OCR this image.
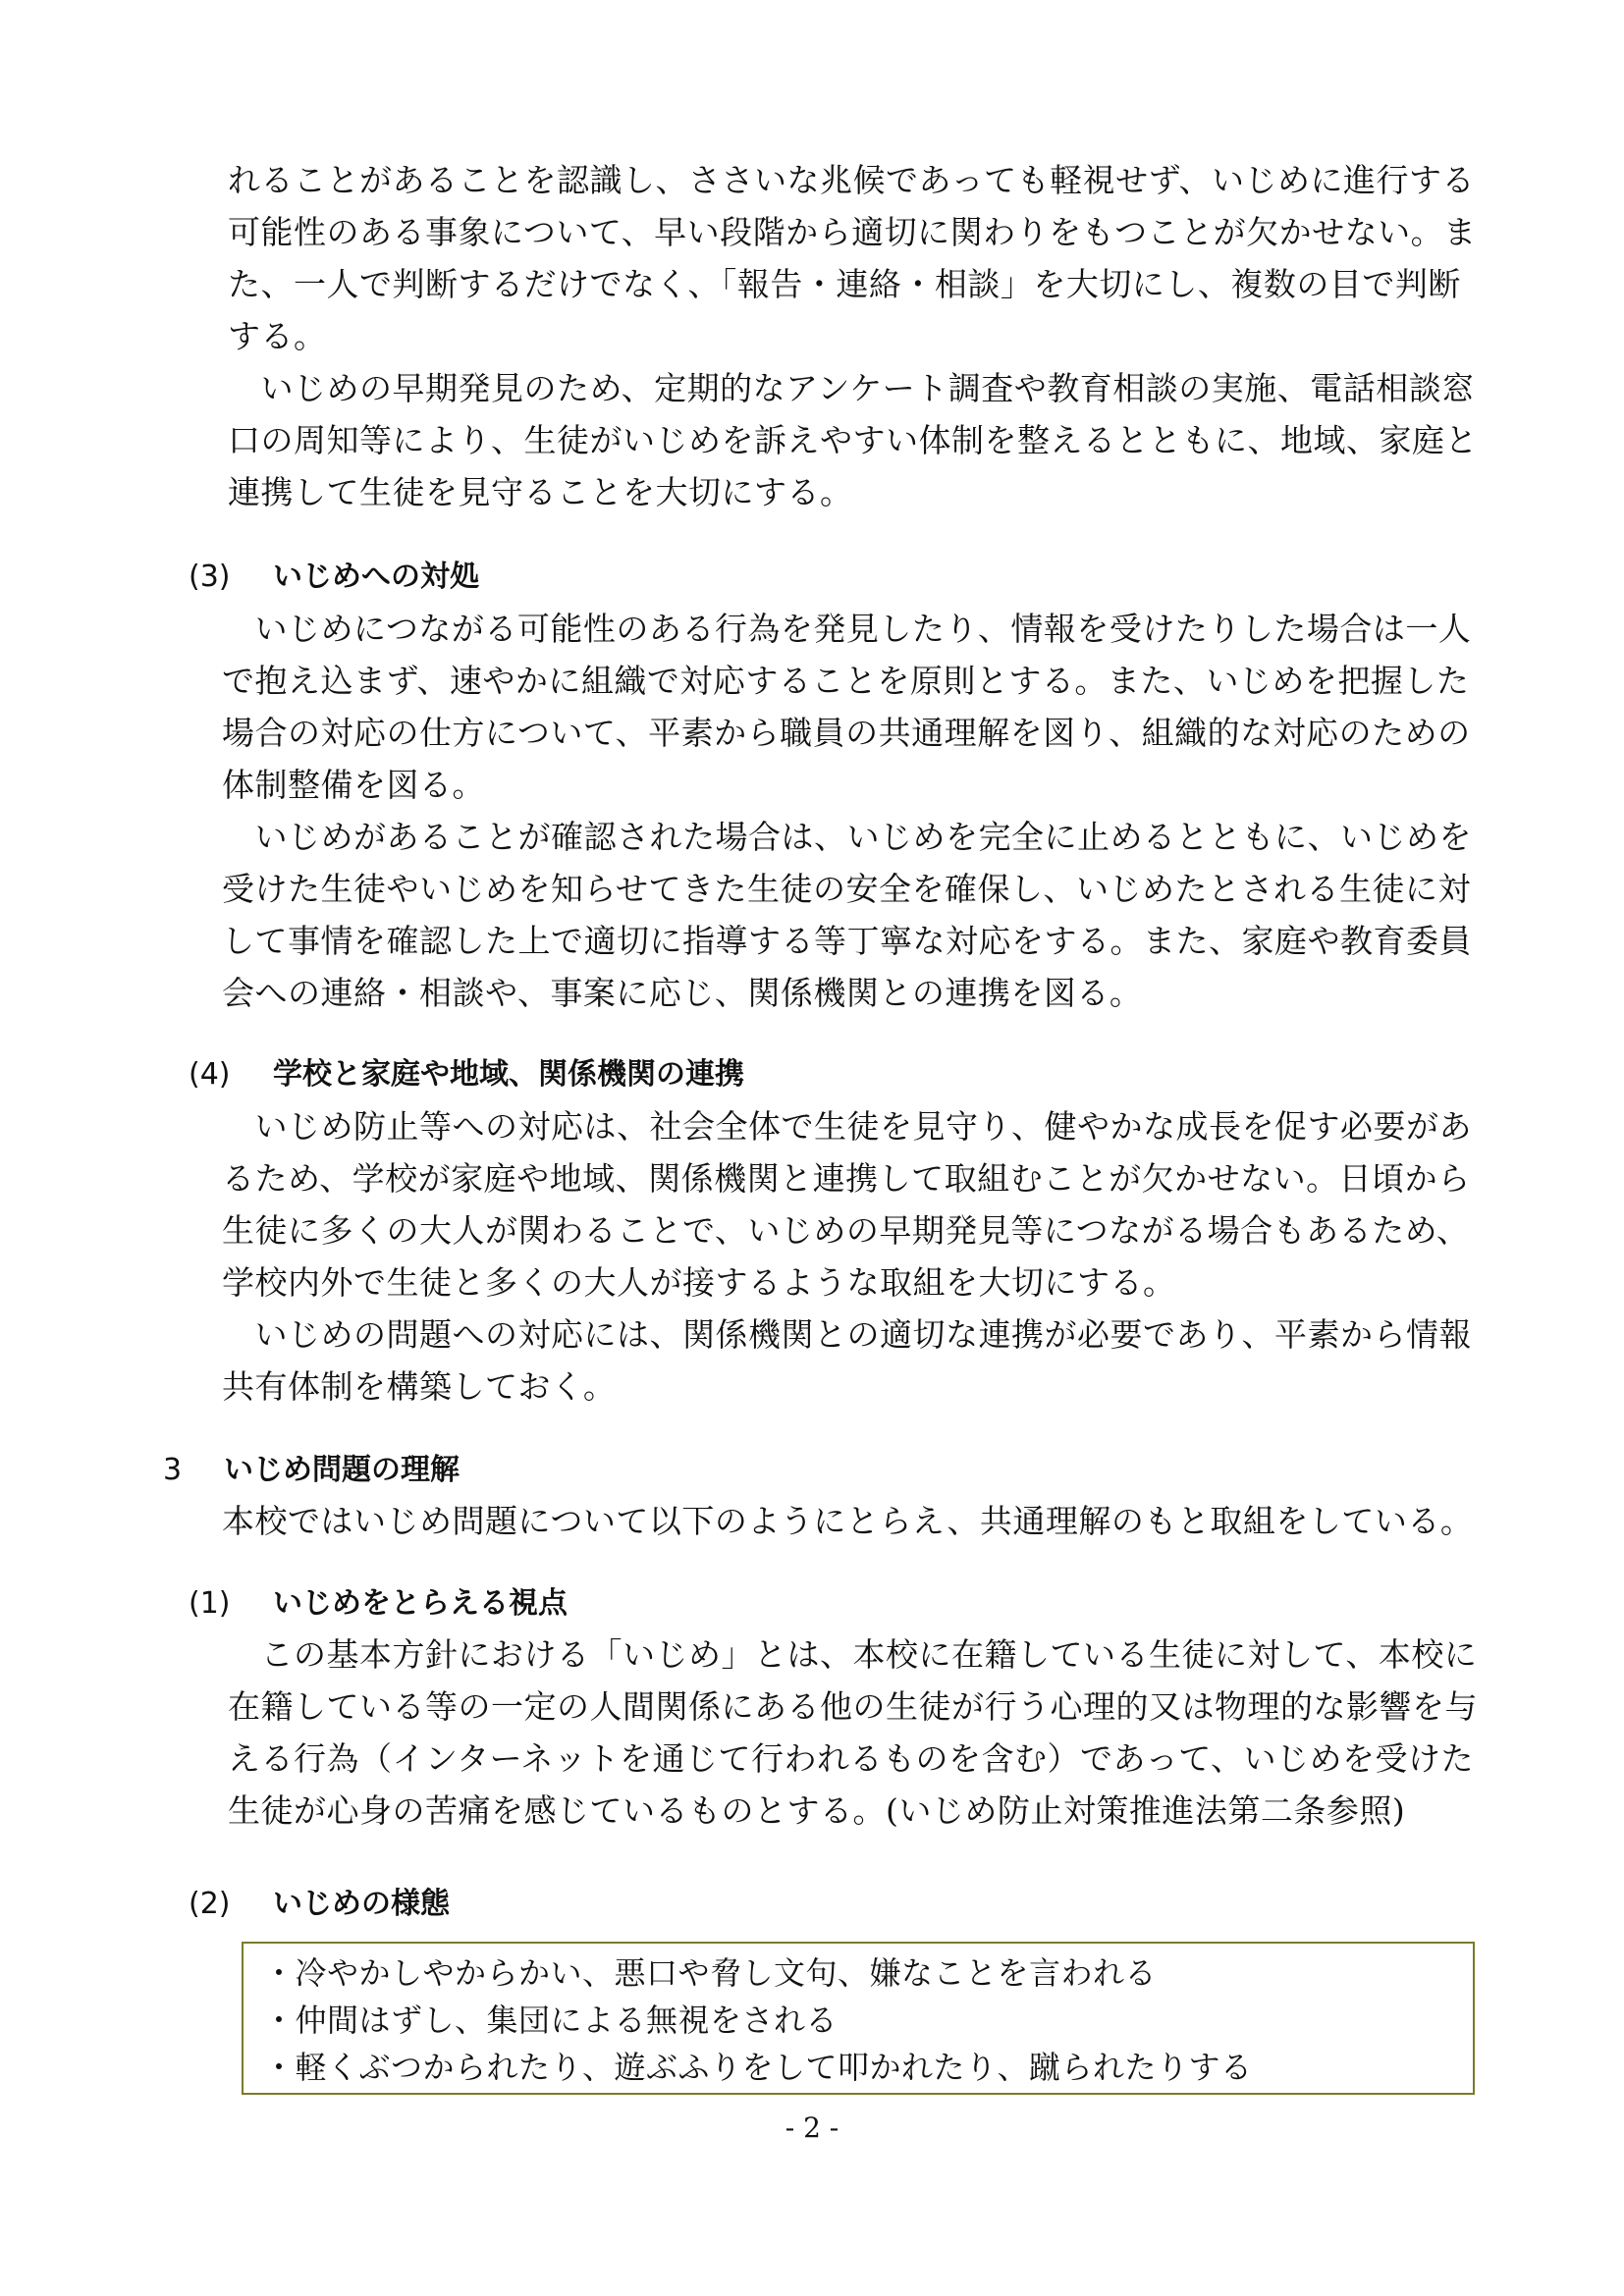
れることがあることを認識し、ささいな兆候であっても軽視せず、いじめに進行する
可能性のある事象について、早い段階から適切に関わりをもつことが欠かせない。ま
た、一人で判断するだけでなく、「報告・連絡・相談」を大切にし、複数の目で判断
する。
　いじめの早期発見のため、定期的なアンケート調査や教育相談の実施、電話相談窓
口の周知等により、生徒がいじめを訴えやすい体制を整えるとともに、地域、家庭と
連携して生徒を見守ることを大切にする。
(3) いじめへの対処
　いじめにつながる可能性のある行為を発見したり、情報を受けたりした場合は一人
で抱え込まず、速やかに組織で対応することを原則とする。また、いじめを把握した
場合の対応の仕方について、平素から職員の共通理解を図り、組織的な対応のための
体制整備を図る。
　いじめがあることが確認された場合は、いじめを完全に止めるとともに、いじめを
受けた生徒やいじめを知らせてきた生徒の安全を確保し、いじめたとされる生徒に対
して事情を確認した上で適切に指導する等丁寧な対応をする。また、家庭や教育委員
会への連絡・相談や、事案に応じ、関係機関との連携を図る。
(4) 学校と家庭や地域、関係機関の連携
　いじめ防止等への対応は、社会全体で生徒を見守り、健やかな成長を促す必要があ
るため、学校が家庭や地域、関係機関と連携して取組むことが欠かせない。日頃から
生徒に多くの大人が関わることで、いじめの早期発見等につながる場合もあるため、
学校内外で生徒と多くの大人が接するような取組を大切にする。
　いじめの問題への対応には、関係機関との適切な連携が必要であり、平素から情報
共有体制を構築しておく。
3 いじめ問題の理解
本校ではいじめ問題について以下のようにとらえ、共通理解のもと取組をしている。
(1) いじめをとらえる視点
　この基本方針における「いじめ」とは、本校に在籍している生徒に対して、本校に
在籍している等の一定の人間関係にある他の生徒が行う心理的又は物理的な影響を与
える行為（インターネットを通じて行われるものを含む）であって、いじめを受けた
生徒が心身の苦痛を感じているものとする。(いじめ防止対策推進法第二条参照)
(2) いじめの様態
・冷やかしやからかい、悪口や脅し文句、嫌なことを言われる
・仲間はずし、集団による無視をされる
・軽くぶつかられたり、遊ぶふりをして叩かれたり、蹴られたりする
- 2 -
